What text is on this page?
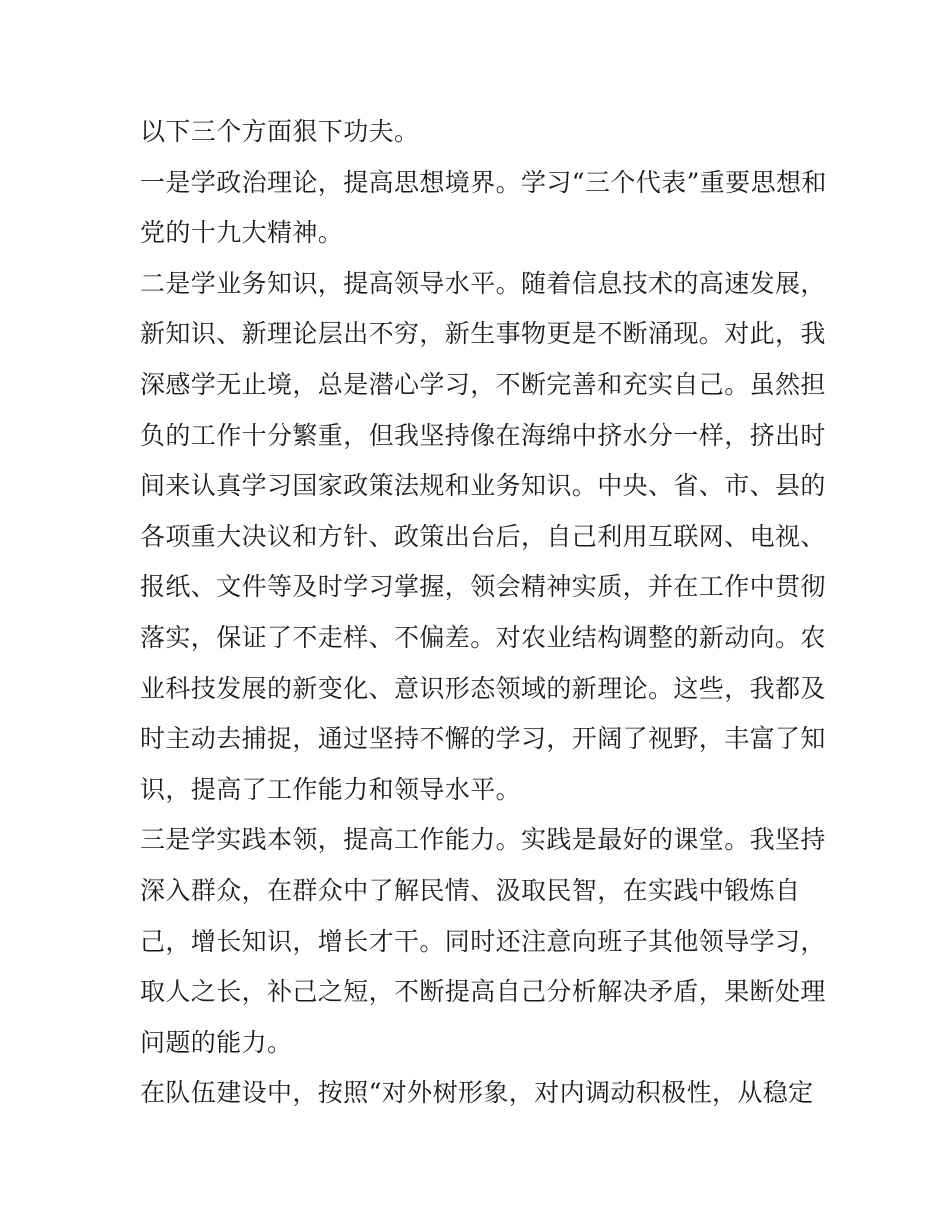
以下三个方面狠下功夫。
一是学政治理论，提高思想境界。学习“三个代表”重要思想和
党的十九大精神。
二是学业务知识，提高领导水平。随着信息技术的高速发展，
新知识、新理论层出不穷，新生事物更是不断涌现。对此，我
深感学无止境，总是潜心学习，不断完善和充实自己。虽然担
负的工作十分繁重，但我坚持像在海绵中挤水分一样，挤出时
间来认真学习国家政策法规和业务知识。中央、省、市、县的
各项重大决议和方针、政策出台后，自己利用互联网、电视、
报纸、文件等及时学习掌握，领会精神实质，并在工作中贯彻
落实，保证了不走样、不偏差。对农业结构调整的新动向。农
业科技发展的新变化、意识形态领域的新理论。这些，我都及
时主动去捕捉，通过坚持不懈的学习，开阔了视野，丰富了知
识，提高了工作能力和领导水平。
三是学实践本领，提高工作能力。实践是最好的课堂。我坚持
深入群众，在群众中了解民情、汲取民智，在实践中锻炼自
己，增长知识，增长才干。同时还注意向班子其他领导学习，
取人之长，补己之短，不断提高自己分析解决矛盾，果断处理
问题的能力。
在队伍建设中，按照“对外树形象，对内调动积极性，从稳定
